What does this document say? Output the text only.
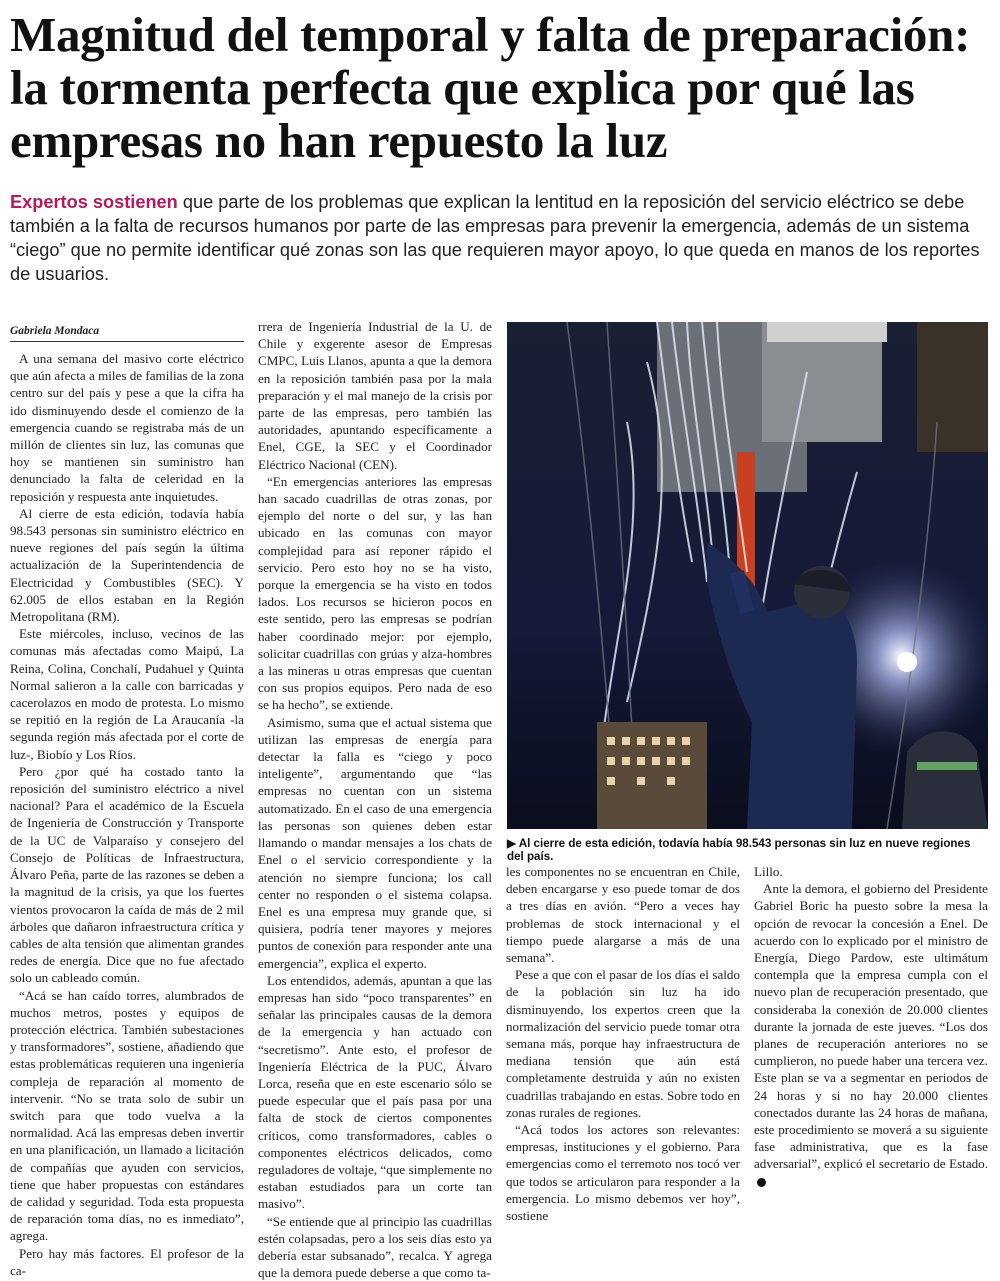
Magnitud del temporal y falta de preparación: la tormenta perfecta que explica por qué las empresas no han repuesto la luz

Expertos sostienen que parte de los problemas que explican la lentitud en la reposición del servicio eléctrico se debe también a la falta de recursos humanos por parte de las empresas para prevenir la emergencia, además de un sistema “ciego” que no permite identificar qué zonas son las que requieren mayor apoyo, lo que queda en manos de los reportes de usuarios.

Gabriela Mondaca

A una semana del masivo corte eléctrico que aún afecta a miles de familias de la zona centro sur del país y pese a que la cifra ha ido disminuyendo desde el comienzo de la emergencia cuando se registraba más de un millón de clientes sin luz, las comunas que hoy se mantienen sin suministro han denunciado la falta de celeridad en la reposición y respuesta ante inquietudes.

Al cierre de esta edición, todavía había 98.543 personas sin suministro eléctrico en nueve regiones del país según la última actualización de la Superintendencia de Electricidad y Combustibles (SEC). Y 62.005 de ellos estaban en la Región Metropolitana (RM).

Este miércoles, incluso, vecinos de las comunas más afectadas como Maipú, La Reina, Colina, Conchalí, Pudahuel y Quinta Normal salieron a la calle con barricadas y cacerolazos en modo de protesta. Lo mismo se repitió en la región de La Araucanía -la segunda región más afectada por el corte de luz-, Biobío y Los Ríos.

Pero ¿por qué ha costado tanto la reposición del suministro eléctrico a nivel nacional? Para el académico de la Escuela de Ingeniería de Construcción y Transporte de la UC de Valparaíso y consejero del Consejo de Políticas de Infraestructura, Álvaro Peña, parte de las razones se deben a la magnitud de la crisis, ya que los fuertes vientos provocaron la caída de más de 2 mil árboles que dañaron infraestructura crítica y cables de alta tensión que alimentan grandes redes de energía. Dice que no fue afectado solo un cableado común.

“Acá se han caído torres, alumbrados de muchos metros, postes y equipos de protección eléctrica. También subestaciones y transformadores”, sostiene, añadiendo que estas problemáticas requieren una ingeniería compleja de reparación al momento de intervenir. “No se trata solo de subir un switch para que todo vuelva a la normalidad. Acá las empresas deben invertir en una planificación, un llamado a licitación de compañías que ayuden con servicios, tiene que haber propuestas con estándares de calidad y seguridad. Toda esta propuesta de reparación toma días, no es inmediato”, agrega.

Pero hay más factores. El profesor de la ca-

rrera de Ingeniería Industrial de la U. de Chile y exgerente asesor de Empresas CMPC, Luis Llanos, apunta a que la demora en la reposición también pasa por la mala preparación y el mal manejo de la crisis por parte de las empresas, pero también las autoridades, apuntando específicamente a Enel, CGE, la SEC y el Coordinador Eléctrico Nacional (CEN).

“En emergencias anteriores las empresas han sacado cuadrillas de otras zonas, por ejemplo del norte o del sur, y las han ubicado en las comunas con mayor complejidad para así reponer rápido el servicio. Pero esto hoy no se ha visto, porque la emergencia se ha visto en todos lados. Los recursos se hicieron pocos en este sentido, pero las empresas se podrían haber coordinado mejor: por ejemplo, solicitar cuadrillas con grúas y alza-hombres a las mineras u otras empresas que cuentan con sus propios equipos. Pero nada de eso se ha hecho”, se extiende.

Asimismo, suma que el actual sistema que utilizan las empresas de energía para detectar la falla es “ciego y poco inteligente”, argumentando que “las empresas no cuentan con un sistema automatizado. En el caso de una emergencia las personas son quienes deben estar llamando o mandar mensajes a los chats de Enel o el servicio correspondiente y la atención no siempre funciona; los call center no responden o el sistema colapsa. Enel es una empresa muy grande que, si quisiera, podría tener mayores y mejores puntos de conexión para responder ante una emergencia”, explica el experto.

Los entendidos, además, apuntan a que las empresas han sido “poco transparentes” en señalar las principales causas de la demora de la emergencia y han actuado con “secretismo”. Ante esto, el profesor de Ingeniería Eléctrica de la PUC, Álvaro Lorca, reseña que en este escenario sólo se puede especular que el país pasa por una falta de stock de ciertos componentes críticos, como transformadores, cables o componentes eléctricos delicados, como reguladores de voltaje, “que simplemente no estaban estudiados para un corte tan masivo”.

“Se entiende que al principio las cuadrillas estén colapsadas, pero a los seis días esto ya debería estar subsanado”, recalca. Y agrega que la demora puede deberse a que como ta-

▶ Al cierre de esta edición, todavía había 98.543 personas sin luz en nueve regiones del país.

les componentes no se encuentran en Chile, deben encargarse y eso puede tomar de dos a tres días en avión. “Pero a veces hay problemas de stock internacional y el tiempo puede alargarse a más de una semana”.

Pese a que con el pasar de los días el saldo de la población sin luz ha ido disminuyendo, los expertos creen que la normalización del servicio puede tomar otra semana más, porque hay infraestructura de mediana tensión que aún está completamente destruida y aún no existen cuadrillas trabajando en estas. Sobre todo en zonas rurales de regiones.

“Acá todos los actores son relevantes: empresas, instituciones y el gobierno. Para emergencias como el terremoto nos tocó ver que todos se articularon para responder a la emergencia. Lo mismo debemos ver hoy”, sostiene

Lillo.

Ante la demora, el gobierno del Presidente Gabriel Boric ha puesto sobre la mesa la opción de revocar la concesión a Enel. De acuerdo con lo explicado por el ministro de Energía, Diego Pardow, este ultimátum contempla que la empresa cumpla con el nuevo plan de recuperación presentado, que consideraba la conexión de 20.000 clientes durante la jornada de este jueves. “Los dos planes de recuperación anteriores no se cumplieron, no puede haber una tercera vez. Este plan se va a segmentar en periodos de 24 horas y si no hay 20.000 clientes conectados durante las 24 horas de mañana, este procedimiento se moverá a su siguiente fase administrativa, que es la fase adversarial”, explicó el secretario de Estado.
